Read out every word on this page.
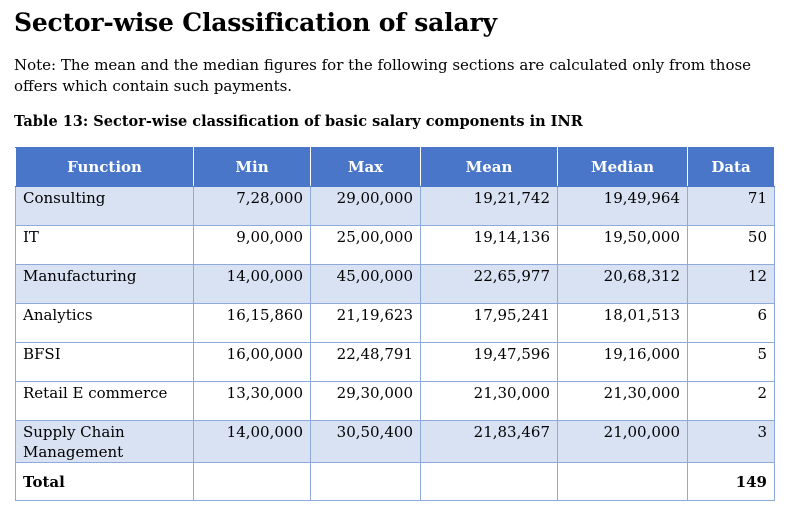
Sector-wise Classification of salary

Note: The mean and the median figures for the following sections are calculated only from those offers which contain such payments.

Table 13: Sector-wise classification of basic salary components in INR

Function	Min	Max	Mean	Median	Data
Consulting	7,28,000	29,00,000	19,21,742	19,49,964	71
IT	9,00,000	25,00,000	19,14,136	19,50,000	50
Manufacturing	14,00,000	45,00,000	22,65,977	20,68,312	12
Analytics	16,15,860	21,19,623	17,95,241	18,01,513	6
BFSI	16,00,000	22,48,791	19,47,596	19,16,000	5
Retail E commerce	13,30,000	29,30,000	21,30,000	21,30,000	2
Supply Chain Management	14,00,000	30,50,400	21,83,467	21,00,000	3
Total					149
